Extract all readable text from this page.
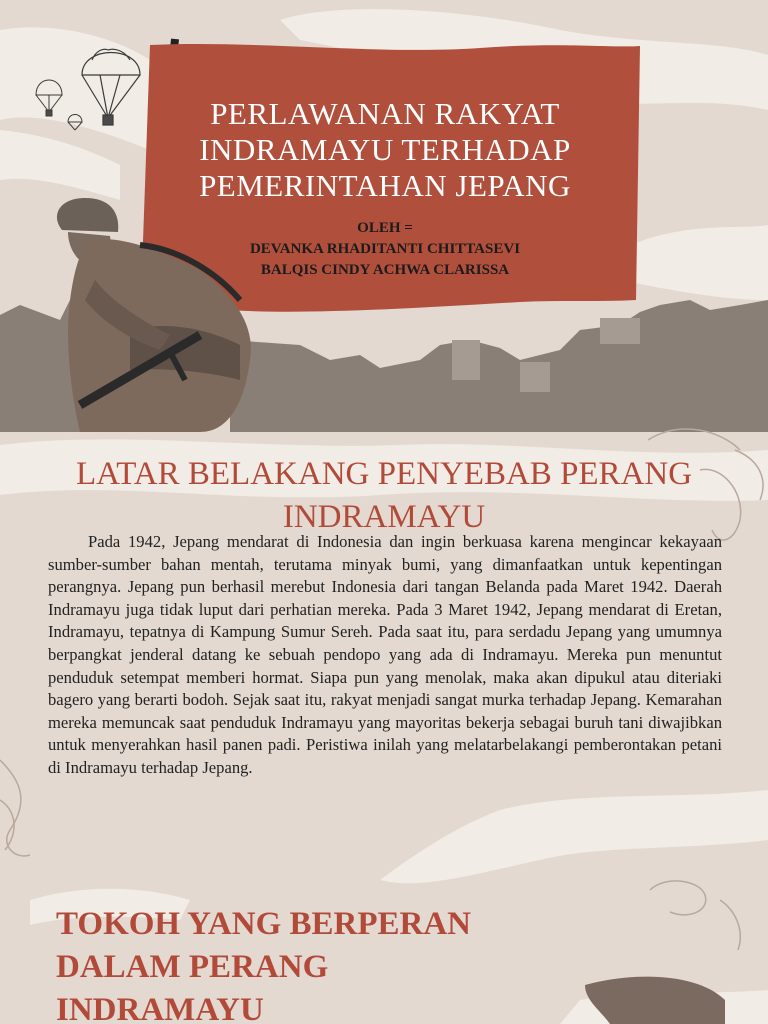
PERLAWANAN RAKYAT
INDRAMAYU TERHADAP
PEMERINTAHAN JEPANG
OLEH =
DEVANKA RHADITANTI CHITTASEVI
BALQIS CINDY ACHWA CLARISSA
LATAR BELAKANG PENYEBAB PERANG
INDRAMAYU

Pada 1942, Jepang mendarat di Indonesia dan ingin berkuasa karena mengincar kekayaan sumber-sumber bahan mentah, terutama minyak bumi, yang dimanfaatkan untuk kepentingan perangnya. Jepang pun berhasil merebut Indonesia dari tangan Belanda pada Maret 1942. Daerah Indramayu juga tidak luput dari perhatian mereka. Pada 3 Maret 1942, Jepang mendarat di Eretan, Indramayu, tepatnya di Kampung Sumur Sereh. Pada saat itu, para serdadu Jepang yang umumnya berpangkat jenderal datang ke sebuah pendopo yang ada di Indramayu. Mereka pun menuntut penduduk setempat memberi hormat. Siapa pun yang menolak, maka akan dipukul atau diteriaki bagero yang berarti bodoh. Sejak saat itu, rakyat menjadi sangat murka terhadap Jepang. Kemarahan mereka memuncak saat penduduk Indramayu yang mayoritas bekerja sebagai buruh tani diwajibkan untuk menyerahkan hasil panen padi. Peristiwa inilah yang melatarbelakangi pemberontakan petani di Indramayu terhadap Jepang.

TOKOH YANG BERPERAN
DALAM PERANG
INDRAMAYU
